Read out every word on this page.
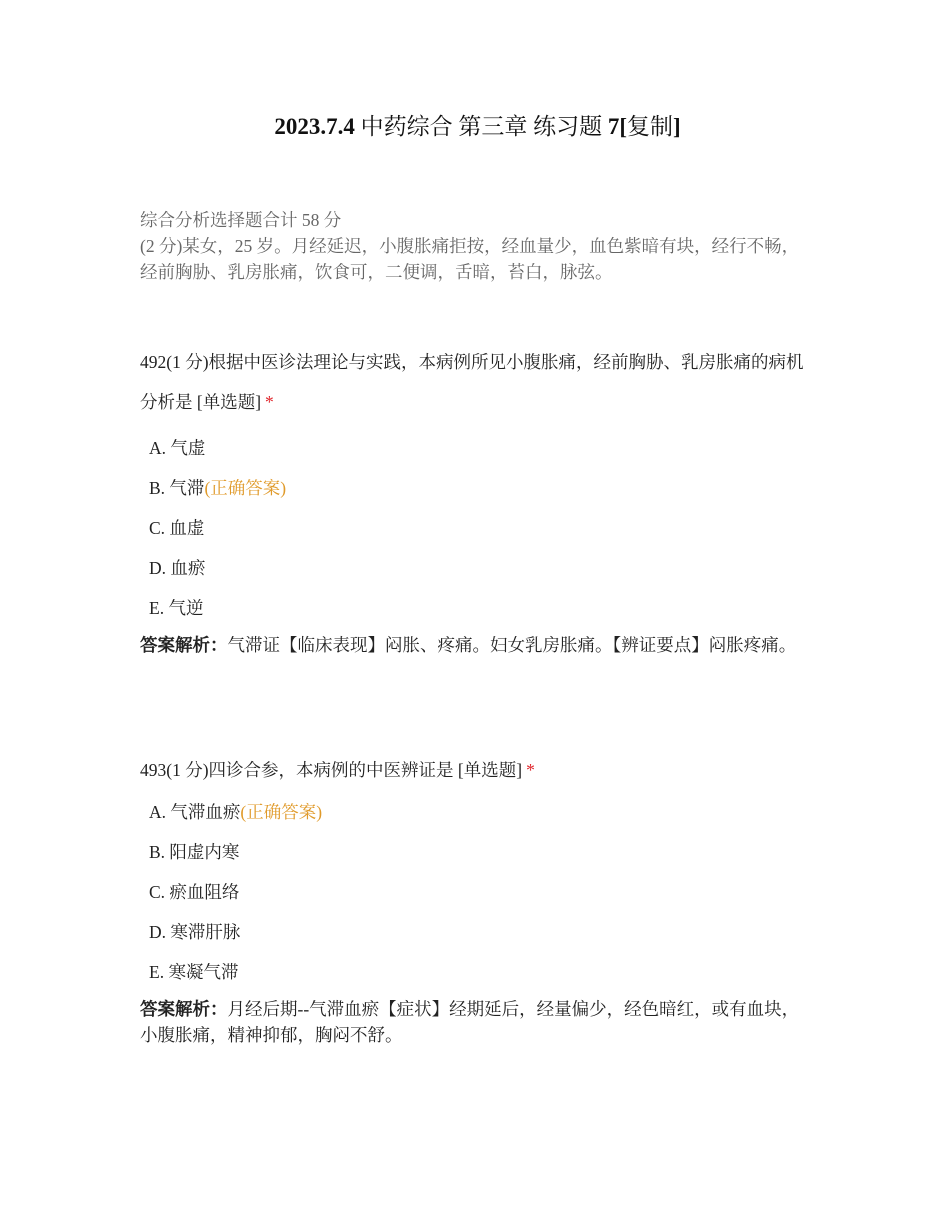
2023.7.4 中药综合 第三章 练习题 7[复制]

综合分析选择题合计 58 分

(2 分)某女，25 岁。月经延迟，小腹胀痛拒按，经血量少，血色紫暗有块，经行不畅，经前胸胁、乳房胀痛，饮食可，二便调，舌暗，苔白，脉弦。

492(1 分)根据中医诊法理论与实践，本病例所见小腹胀痛，经前胸胁、乳房胀痛的病机分析是 [单选题] *

A. 气虚
B. 气滞(正确答案)
C. 血虚
D. 血瘀
E. 气逆

答案解析：气滞证【临床表现】闷胀、疼痛。妇女乳房胀痛。【辨证要点】闷胀疼痛。

493(1 分)四诊合参，本病例的中医辨证是 [单选题] *

A. 气滞血瘀(正确答案)
B. 阳虚内寒
C. 瘀血阻络
D. 寒滞肝脉
E. 寒凝气滞

答案解析：月经后期--气滞血瘀【症状】经期延后，经量偏少，经色暗红，或有血块，小腹胀痛，精神抑郁，胸闷不舒。
